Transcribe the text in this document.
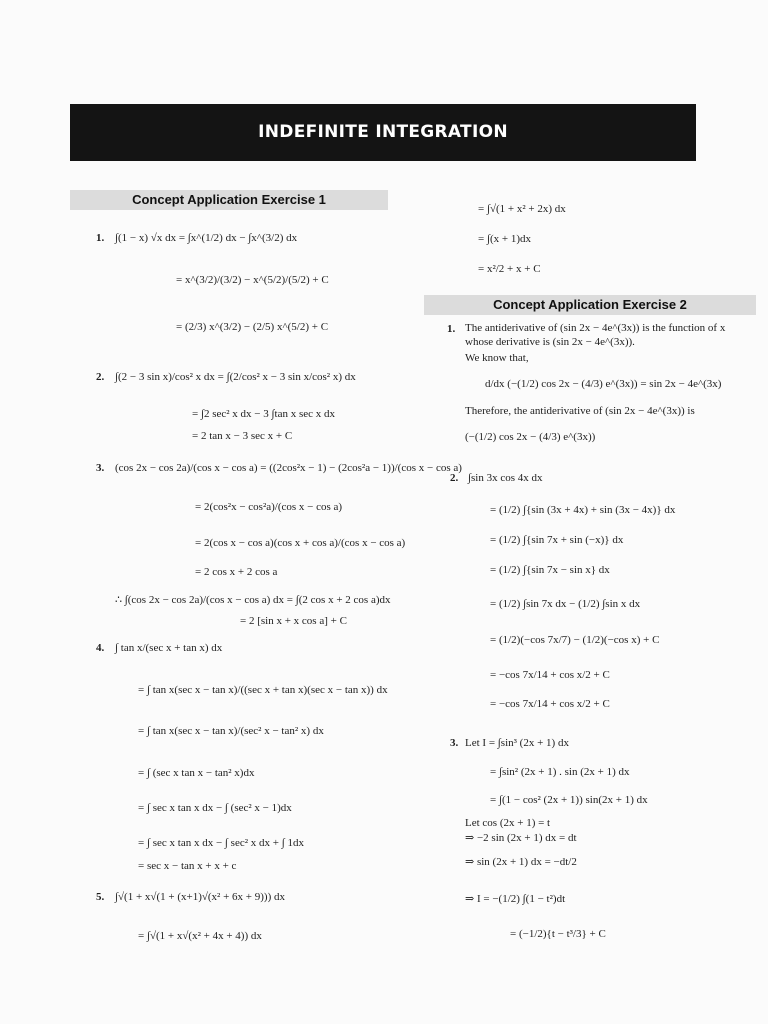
INDEFINITE INTEGRATION
Concept Application Exercise 1
1. ∫(1 − x) √x dx = ∫x^(1/2) dx − ∫x^(3/2) dx
= x^(3/2)/(3/2) − x^(5/2)/(5/2) + C
= (2/3) x^(3/2) − (2/5) x^(5/2) + C
2. ∫(2 − 3 sin x)/cos² x dx = ∫(2/cos² x − 3 sin x/cos² x) dx
= ∫2 sec² x dx − 3 ∫tan x sec x dx
= 2 tan x − 3 sec x + C
3. (cos 2x − cos 2a)/(cos x − cos a) = ((2cos²x − 1) − (2cos²a − 1))/(cos x − cos a)
= 2(cos²x − cos²a)/(cos x − cos a)
= 2(cos x − cos a)(cos x + cos a)/(cos x − cos a)
= 2 cos x + 2 cos a
∴ ∫(cos 2x − cos 2a)/(cos x − cos a) dx = ∫(2 cos x + 2 cos a)dx
= 2 [sin x + x cos a] + C
4. ∫ tan x/(sec x + tan x) dx
= ∫ tan x(sec x − tan x)/((sec x + tan x)(sec x − tan x)) dx
= ∫ tan x(sec x − tan x)/(sec² x − tan² x) dx
= ∫ (sec x tan x − tan² x)dx
= ∫ sec x tan x dx − ∫ (sec² x − 1)dx
= ∫ sec x tan x dx − ∫ sec² x dx + ∫ 1dx
= sec x − tan x + x + c
5. ∫√(1 + x√(1 + (x+1)√(x² + 6x + 9))) dx
= ∫√(1 + x√(x² + 4x + 4)) dx
= ∫√(1 + x² + 2x) dx
= ∫(x + 1)dx
= x²/2 + x + C
Concept Application Exercise 2
1. The antiderivative of (sin 2x − 4e^(3x)) is the function of x whose derivative is (sin 2x − 4e^(3x)).
We know that,
d/dx (−(1/2) cos 2x − (4/3) e^(3x)) = sin 2x − 4e^(3x)
Therefore, the antiderivative of (sin 2x − 4e^(3x)) is
(−(1/2) cos 2x − (4/3) e^(3x))
2. ∫sin 3x cos 4x dx
= (1/2) ∫{sin (3x + 4x) + sin (3x − 4x)} dx
= (1/2) ∫{sin 7x + sin (−x)} dx
= (1/2) ∫{sin 7x − sin x} dx
= (1/2) ∫sin 7x dx − (1/2) ∫sin x dx
= (1/2)(−cos 7x/7) − (1/2)(−cos x) + C
= −cos 7x/14 + cos x/2 + C
= −cos 7x/14 + cos x/2 + C
3. Let I = ∫sin³ (2x + 1) dx
= ∫sin² (2x + 1) . sin (2x + 1) dx
= ∫(1 − cos² (2x + 1)) sin(2x + 1) dx
Let cos (2x + 1) = t
⇒ −2 sin (2x + 1) dx = dt
⇒ sin (2x + 1) dx = −dt/2
⇒ I = −(1/2) ∫(1 − t²)dt
= (−1/2){t − t³/3} + C
